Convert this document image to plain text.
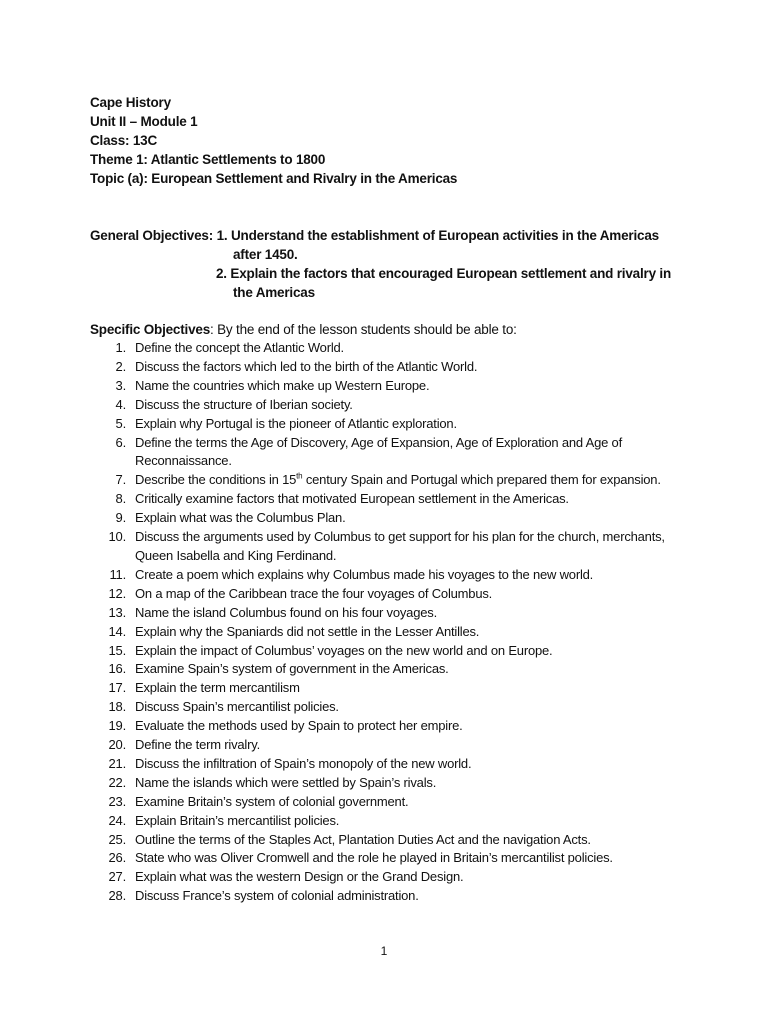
Cape History
Unit II – Module 1
Class: 13C
Theme 1: Atlantic Settlements to 1800
Topic (a): European Settlement and Rivalry in the Americas
General Objectives: 1. Understand the establishment of European activities in the Americas
after 1450.
2. Explain the factors that encouraged European settlement and rivalry in
the Americas
Specific Objectives: By the end of the lesson students should be able to:
1. Define the concept the Atlantic World.
2. Discuss the factors which led to the birth of the Atlantic World.
3. Name the countries which make up Western Europe.
4. Discuss the structure of Iberian society.
5. Explain why Portugal is the pioneer of Atlantic exploration.
6. Define the terms the Age of Discovery, Age of Expansion, Age of Exploration and Age of Reconnaissance.
7. Describe the conditions in 15th century Spain and Portugal which prepared them for expansion.
8. Critically examine factors that motivated European settlement in the Americas.
9. Explain what was the Columbus Plan.
10. Discuss the arguments used by Columbus to get support for his plan for the church, merchants, Queen Isabella and King Ferdinand.
11. Create a poem which explains why Columbus made his voyages to the new world.
12. On a map of the Caribbean trace the four voyages of Columbus.
13. Name the island Columbus found on his four voyages.
14. Explain why the Spaniards did not settle in the Lesser Antilles.
15. Explain the impact of Columbus’ voyages on the new world and on Europe.
16. Examine Spain’s system of government in the Americas.
17. Explain the term mercantilism
18. Discuss Spain’s mercantilist policies.
19. Evaluate the methods used by Spain to protect her empire.
20. Define the term rivalry.
21. Discuss the infiltration of Spain’s monopoly of the new world.
22. Name the islands which were settled by Spain’s rivals.
23. Examine Britain’s system of colonial government.
24. Explain Britain’s mercantilist policies.
25. Outline the terms of the Staples Act, Plantation Duties Act and the navigation Acts.
26. State who was Oliver Cromwell and the role he played in Britain’s mercantilist policies.
27. Explain what was the western Design or the Grand Design.
28. Discuss France’s system of colonial administration.
1
